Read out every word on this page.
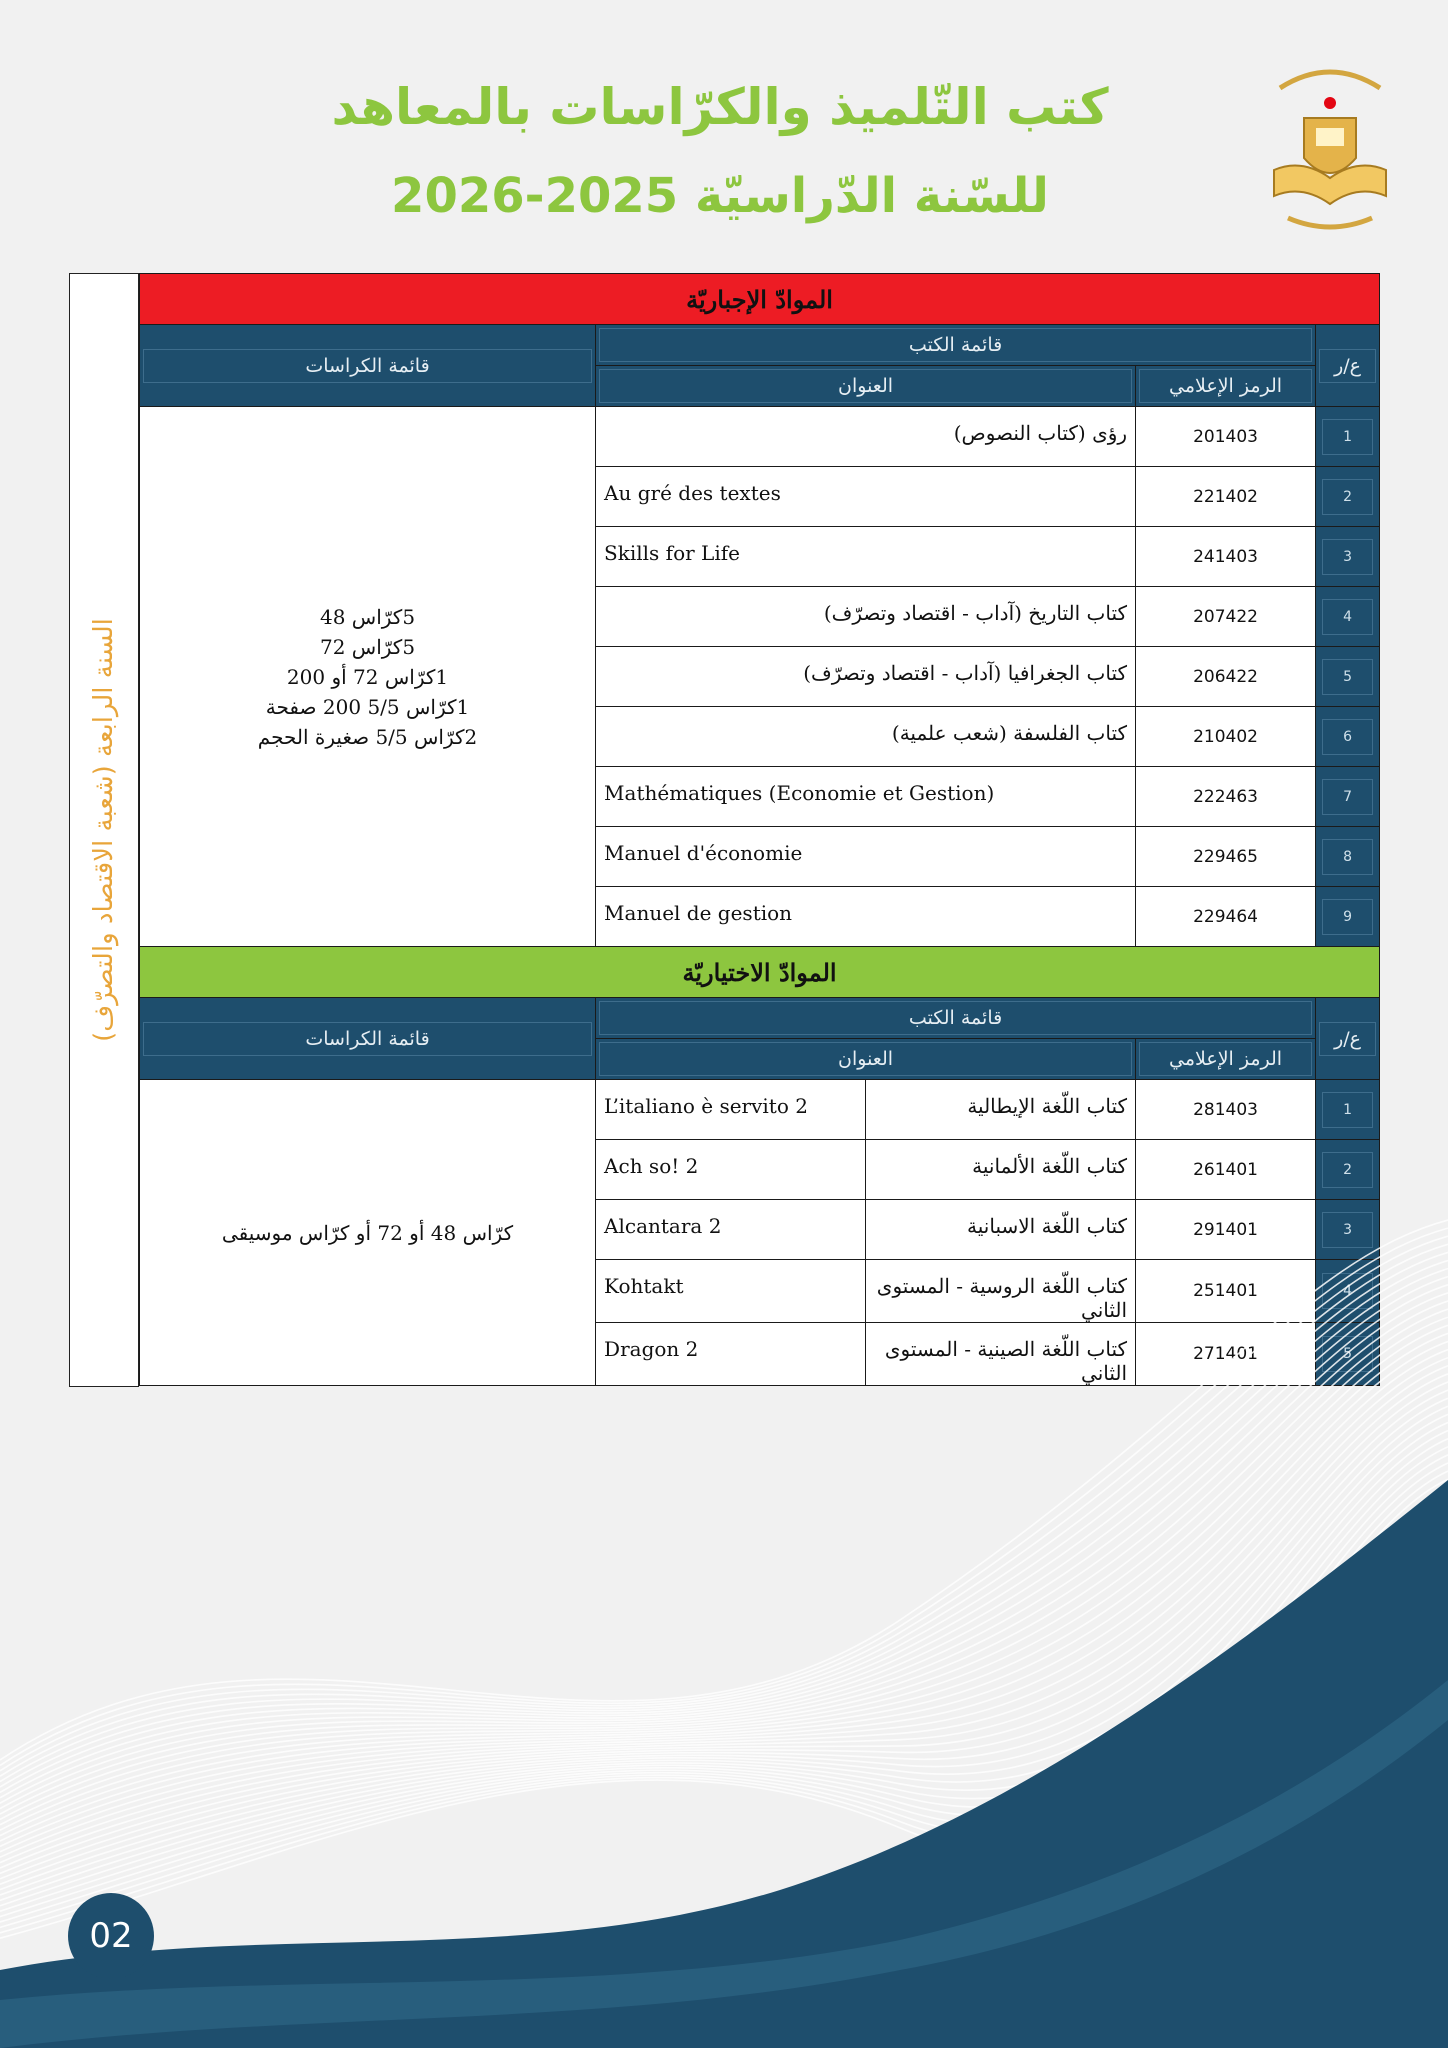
كتب التّلميذ والكرّاسات بالمعاهد
للسّنة الدّراسيّة 2025-2026
السنة الرابعة (شعبة الاقتصاد والتصرّف)
الموادّ الإجباريّة				

ع/ر	قائمة الكتب			قائمة الكراسات

	الرمز الإعلامي	العنوان		

1	201403	رؤى (كتاب النصوص)		5كرّاس 48
5كرّاس 72
1كرّاس 72 أو 200
1كرّاس 5/5 200 صفحة
2كرّاس 5/5 صغيرة الحجم

2	221402	Au gré des textes		

3	241403	Skills for Life		

4	207422	كتاب التاريخ (آداب - اقتصاد وتصرّف)		

5	206422	كتاب الجغرافيا (آداب - اقتصاد وتصرّف)		

6	210402	كتاب الفلسفة (شعب علمية)		

7	222463	Mathématiques (Economie et Gestion)		

8	229465	Manuel d'économie		

9	229464	Manuel de gestion		
الموادّ الاختياريّة				

ع/ر	قائمة الكتب			قائمة الكراسات

	الرمز الإعلامي	العنوان		

1	281403	كتاب اللّغة الإيطالية	L’italiano è servito 2	كرّاس 48 أو 72 أو كرّاس موسيقى

2	261401	كتاب اللّغة الألمانية	Ach so! 2	

3	291401	كتاب اللّغة الاسبانية	Alcantara 2	

4	251401	كتاب اللّغة الروسية - المستوى الثاني	Kohtakt	

5	271401	كتاب اللّغة الصينية - المستوى الثاني	Dragon 2	
02
